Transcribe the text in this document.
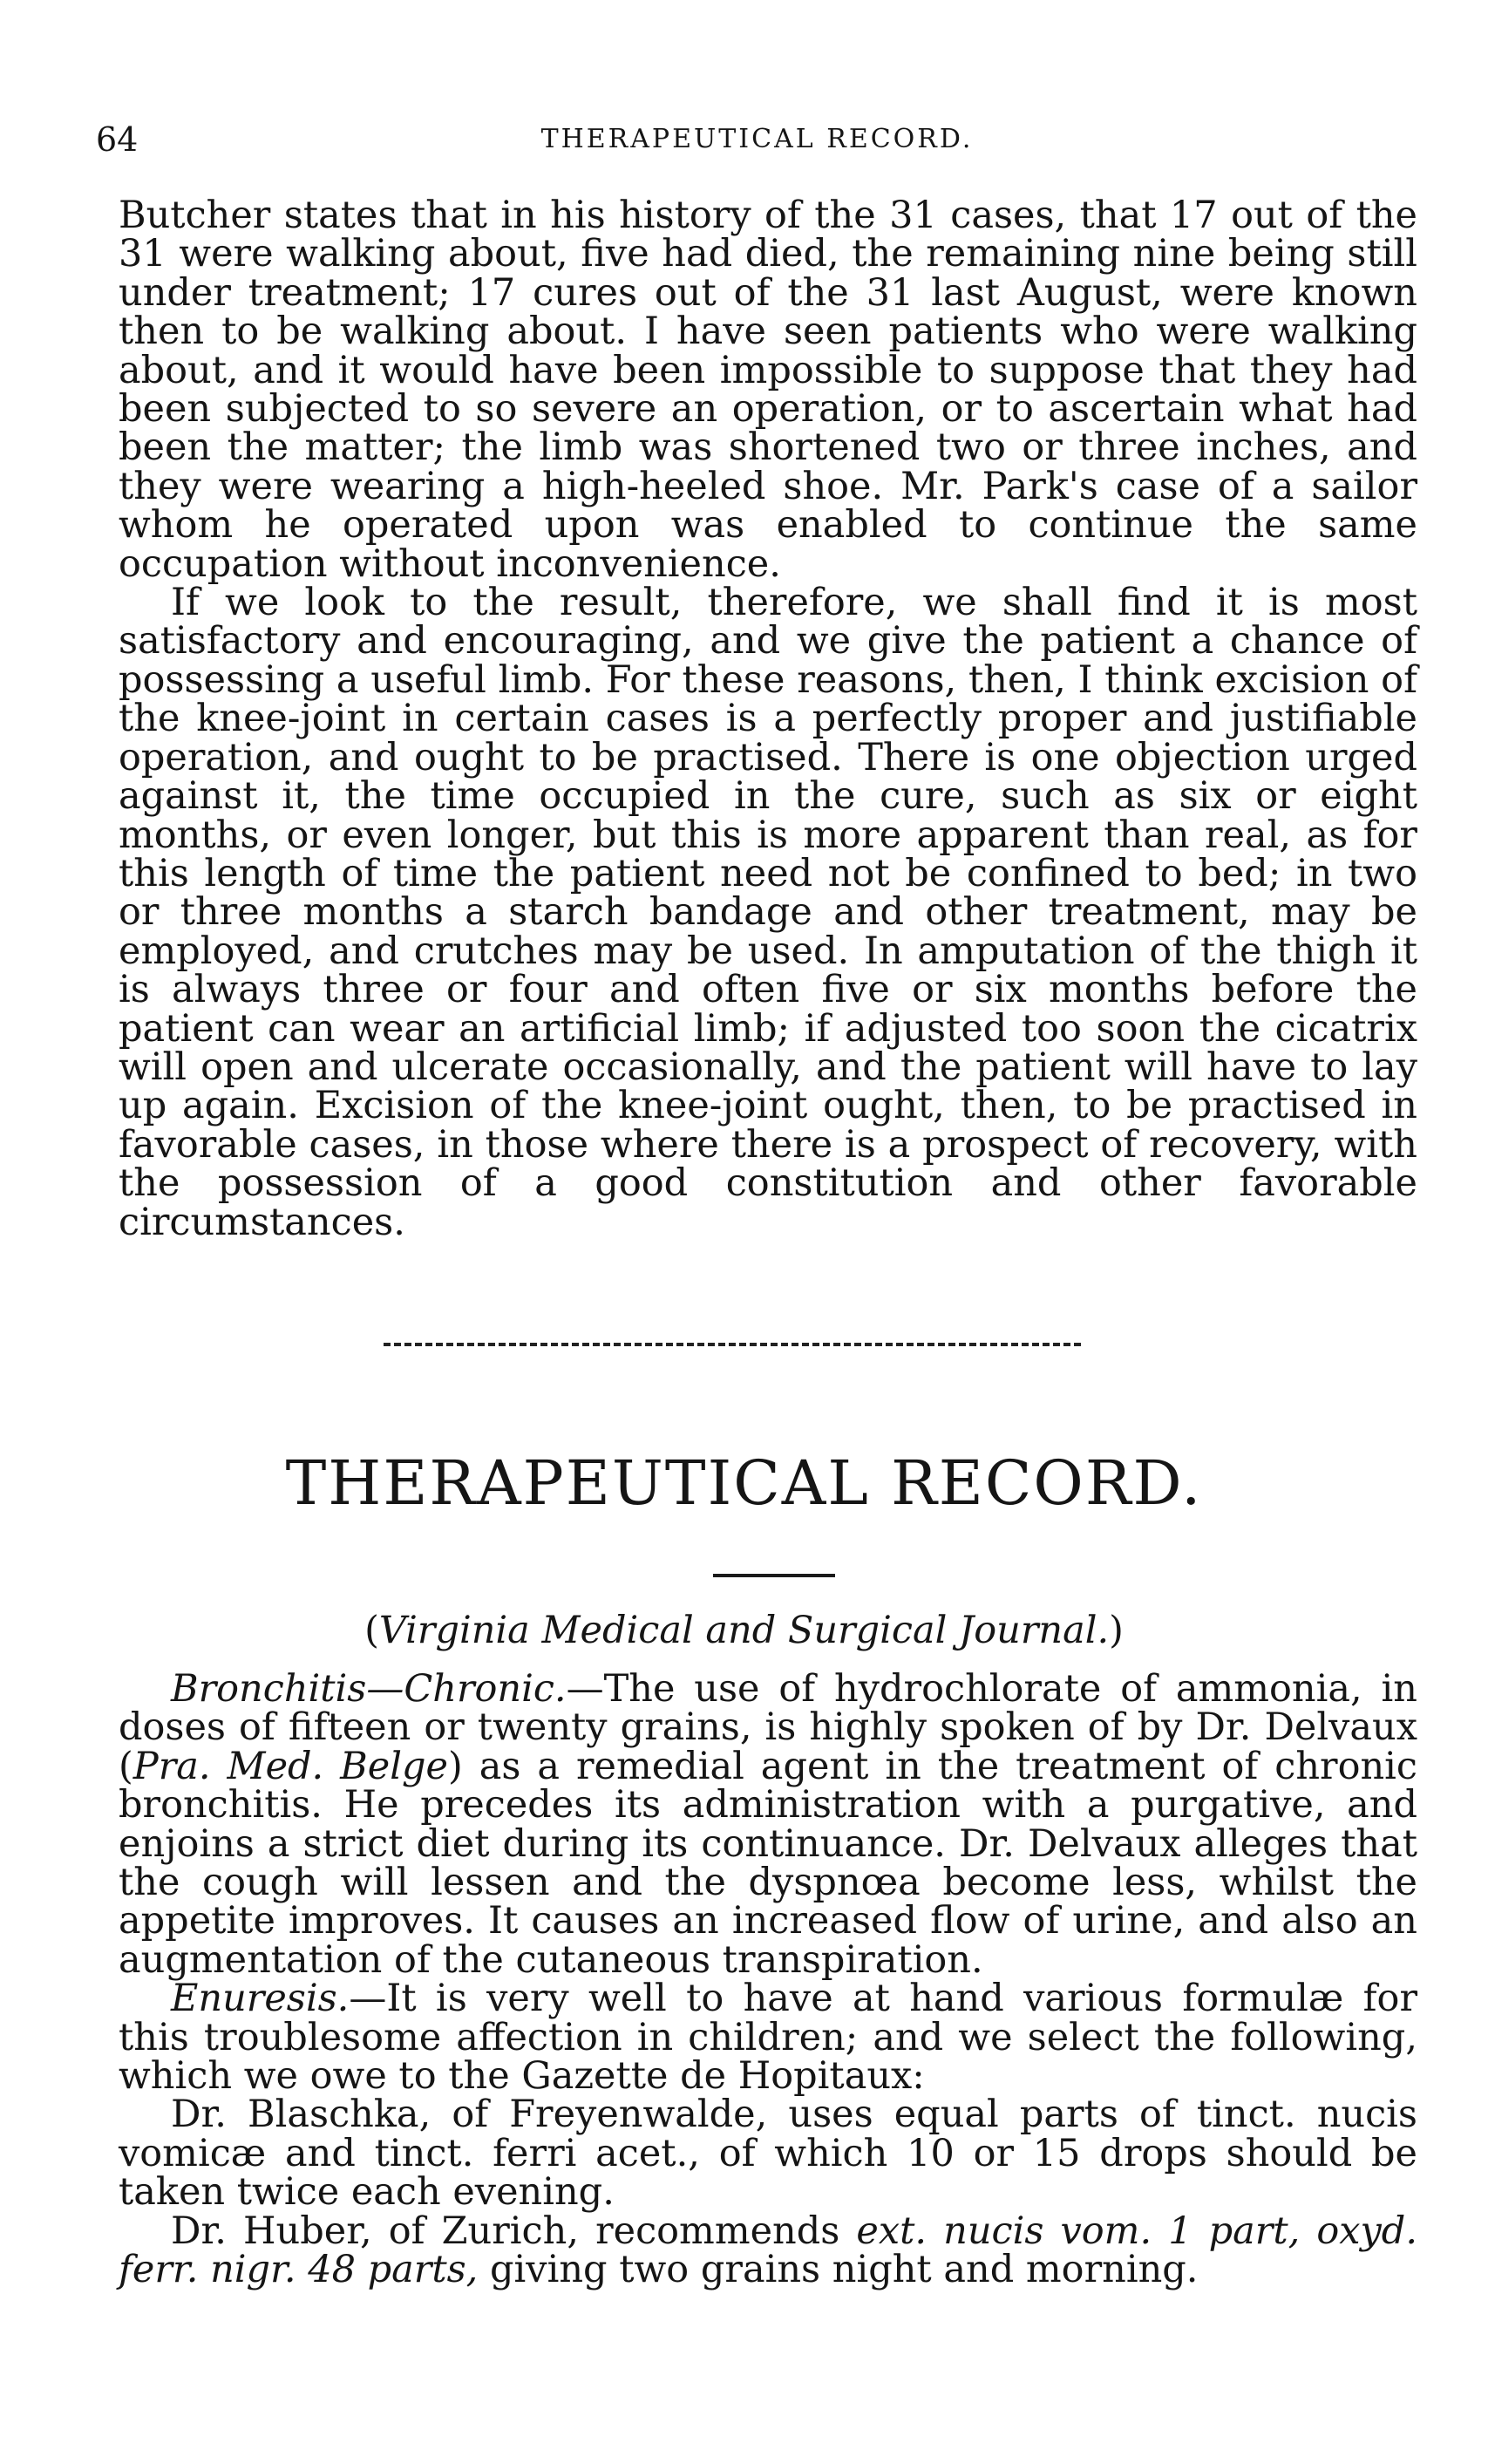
64	THERAPEUTICAL RECORD.

Butcher states that in his history of the 31 cases, that 17 out of the 31 were walking about, five had died, the remaining nine being still under treatment; 17 cures out of the 31 last August, were known then to be walking about. I have seen patients who were walking about, and it would have been impossible to suppose that they had been subjected to so severe an operation, or to ascertain what had been the matter; the limb was shortened two or three inches, and they were wearing a high-heeled shoe. Mr. Park's case of a sailor whom he operated upon was enabled to continue the same occupation without inconvenience.

If we look to the result, therefore, we shall find it is most satisfactory and encouraging, and we give the patient a chance of possessing a useful limb. For these reasons, then, I think excision of the knee-joint in certain cases is a perfectly proper and justifiable operation, and ought to be practised. There is one objection urged against it, the time occupied in the cure, such as six or eight months, or even longer, but this is more apparent than real, as for this length of time the patient need not be confined to bed; in two or three months a starch bandage and other treatment, may be employed, and crutches may be used. In amputation of the thigh it is always three or four and often five or six months before the patient can wear an artificial limb; if adjusted too soon the cicatrix will open and ulcerate occasionally, and the patient will have to lay up again. Excision of the knee-joint ought, then, to be practised in favorable cases, in those where there is a prospect of recovery, with the possession of a good constitution and other favorable circumstances.

THERAPEUTICAL RECORD.
(Virginia Medical and Surgical Journal.)

Bronchitis—Chronic.—The use of hydrochlorate of ammonia, in doses of fifteen or twenty grains, is highly spoken of by Dr. Delvaux (Pra. Med. Belge) as a remedial agent in the treatment of chronic bronchitis. He precedes its administration with a purgative, and enjoins a strict diet during its continuance. Dr. Delvaux alleges that the cough will lessen and the dyspnœa become less, whilst the appetite improves. It causes an increased flow of urine, and also an augmentation of the cutaneous transpiration.

Enuresis.—It is very well to have at hand various formulæ for this troublesome affection in children; and we select the following, which we owe to the Gazette de Hopitaux:

Dr. Blaschka, of Freyenwalde, uses equal parts of tinct. nucis vomicæ and tinct. ferri acet., of which 10 or 15 drops should be taken twice each evening.

Dr. Huber, of Zurich, recommends ext. nucis vom. 1 part, oxyd. ferr. nigr. 48 parts, giving two grains night and morning.
